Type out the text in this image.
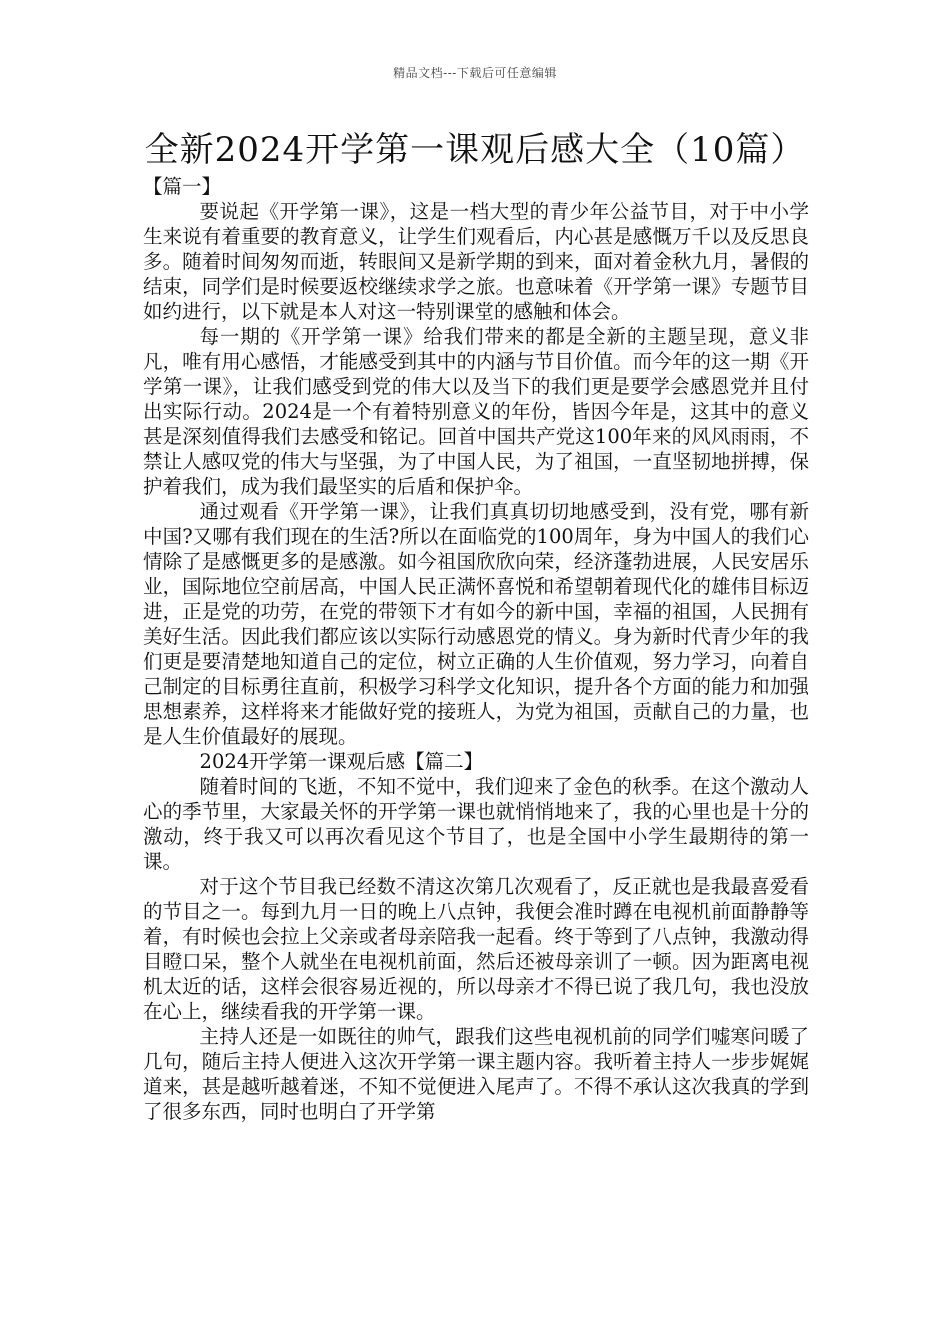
精品文档---下载后可任意编辑
全新2024开学第一课观后感大全（10篇）
【篇一】

要说起《开学第一课》，这是一档大型的青少年公益节目，对于中小学生来说有着重要的教育意义，让学生们观看后，内心甚是感慨万千以及反思良多。随着时间匆匆而逝，转眼间又是新学期的到来，面对着金秋九月，暑假的结束，同学们是时候要返校继续求学之旅。也意味着《开学第一课》专题节目如约进行，以下就是本人对这一特别课堂的感触和体会。

每一期的《开学第一课》给我们带来的都是全新的主题呈现，意义非凡，唯有用心感悟，才能感受到其中的内涵与节目价值。而今年的这一期《开学第一课》，让我们感受到党的伟大以及当下的我们更是要学会感恩党并且付出实际行动。2024是一个有着特别意义的年份，皆因今年是，这其中的意义甚是深刻值得我们去感受和铭记。回首中国共产党这100年来的风风雨雨，不禁让人感叹党的伟大与坚强，为了中国人民，为了祖国，一直坚韧地拼搏，保护着我们，成为我们最坚实的后盾和保护伞。

通过观看《开学第一课》，让我们真真切切地感受到，没有党，哪有新中国?又哪有我们现在的生活?所以在面临党的100周年，身为中国人的我们心情除了是感慨更多的是感激。如今祖国欣欣向荣，经济蓬勃进展，人民安居乐业，国际地位空前居高，中国人民正满怀喜悦和希望朝着现代化的雄伟目标迈进，正是党的功劳，在党的带领下才有如今的新中国，幸福的祖国，人民拥有美好生活。因此我们都应该以实际行动感恩党的情义。身为新时代青少年的我们更是要清楚地知道自己的定位，树立正确的人生价值观，努力学习，向着自己制定的目标勇往直前，积极学习科学文化知识，提升各个方面的能力和加强思想素养，这样将来才能做好党的接班人，为党为祖国，贡献自己的力量，也是人生价值最好的展现。

2024开学第一课观后感【篇二】

随着时间的飞逝，不知不觉中，我们迎来了金色的秋季。在这个激动人心的季节里，大家最关怀的开学第一课也就悄悄地来了，我的心里也是十分的激动，终于我又可以再次看见这个节目了，也是全国中小学生最期待的第一课。

对于这个节目我已经数不清这次第几次观看了，反正就也是我最喜爱看的节目之一。每到九月一日的晚上八点钟，我便会准时蹲在电视机前面静静等着，有时候也会拉上父亲或者母亲陪我一起看。终于等到了八点钟，我激动得目瞪口呆，整个人就坐在电视机前面，然后还被母亲训了一顿。因为距离电视机太近的话，这样会很容易近视的，所以母亲才不得已说了我几句，我也没放在心上，继续看我的开学第一课。

主持人还是一如既往的帅气，跟我们这些电视机前的同学们嘘寒问暖了几句，随后主持人便进入这次开学第一课主题内容。我听着主持人一步步娓娓道来，甚是越听越着迷，不知不觉便进入尾声了。不得不承认这次我真的学到了很多东西，同时也明白了开学第
